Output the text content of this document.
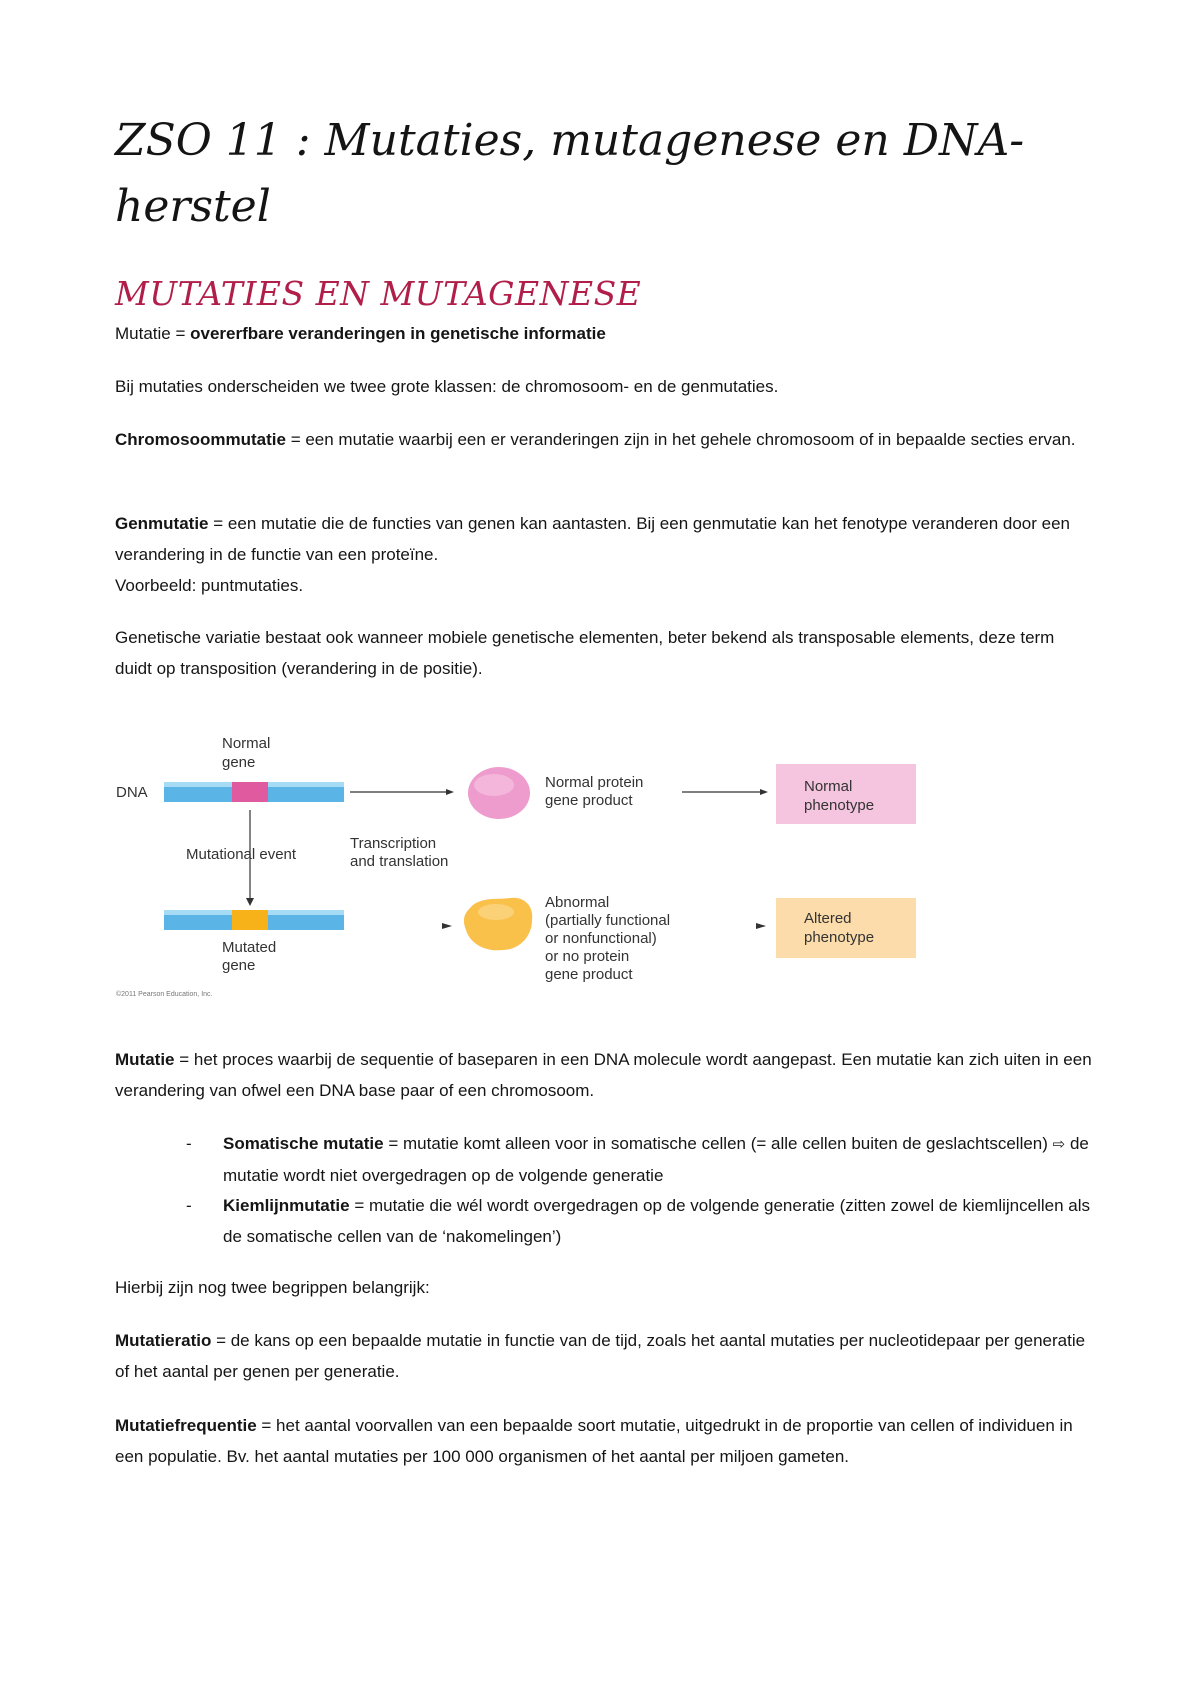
ZSO 11 : Mutaties, mutagenese en DNA-herstel
MUTATIES EN MUTAGENESE

Mutatie = overerfbare veranderingen in genetische informatie

Bij mutaties onderscheiden we twee grote klassen: de chromosoom- en de genmutaties.

Chromosoommutatie = een mutatie waarbij een er veranderingen zijn in het gehele chromosoom of in bepaalde secties ervan.

Genmutatie = een mutatie die de functies van genen kan aantasten. Bij een genmutatie kan het fenotype veranderen door een verandering in de functie van een proteïne.
Voorbeeld: puntmutaties.

Genetische variatie bestaat ook wanneer mobiele genetische elementen, beter bekend als transposable elements, deze term duidt op transposition (verandering in de positie).

Normal
gene
DNA
Mutational event
Mutated
gene
©2011 Pearson Education, Inc.
Transcription
and translation
Normal protein
gene product
Abnormal
(partially functional
or nonfunctional)
or no protein
gene product
Normal
phenotype
Altered
phenotype

Mutatie = het proces waarbij de sequentie of baseparen in een DNA molecule wordt aangepast. Een mutatie kan zich uiten in een verandering van ofwel een DNA base paar of een chromosoom.

- Somatische mutatie = mutatie komt alleen voor in somatische cellen (= alle cellen buiten de geslachtscellen) ⇨ de mutatie wordt niet overgedragen op de volgende generatie
- Kiemlijnmutatie = mutatie die wél wordt overgedragen op de volgende generatie (zitten zowel de kiemlijncellen als de somatische cellen van de ‘nakomelingen’)

Hierbij zijn nog twee begrippen belangrijk:

Mutatieratio = de kans op een bepaalde mutatie in functie van de tijd, zoals het aantal mutaties per nucleotidepaar per generatie of het aantal per genen per generatie.

Mutatiefrequentie = het aantal voorvallen van een bepaalde soort mutatie, uitgedrukt in de proportie van cellen of individuen in een populatie. Bv. het aantal mutaties per 100 000 organismen of het aantal per miljoen gameten.
